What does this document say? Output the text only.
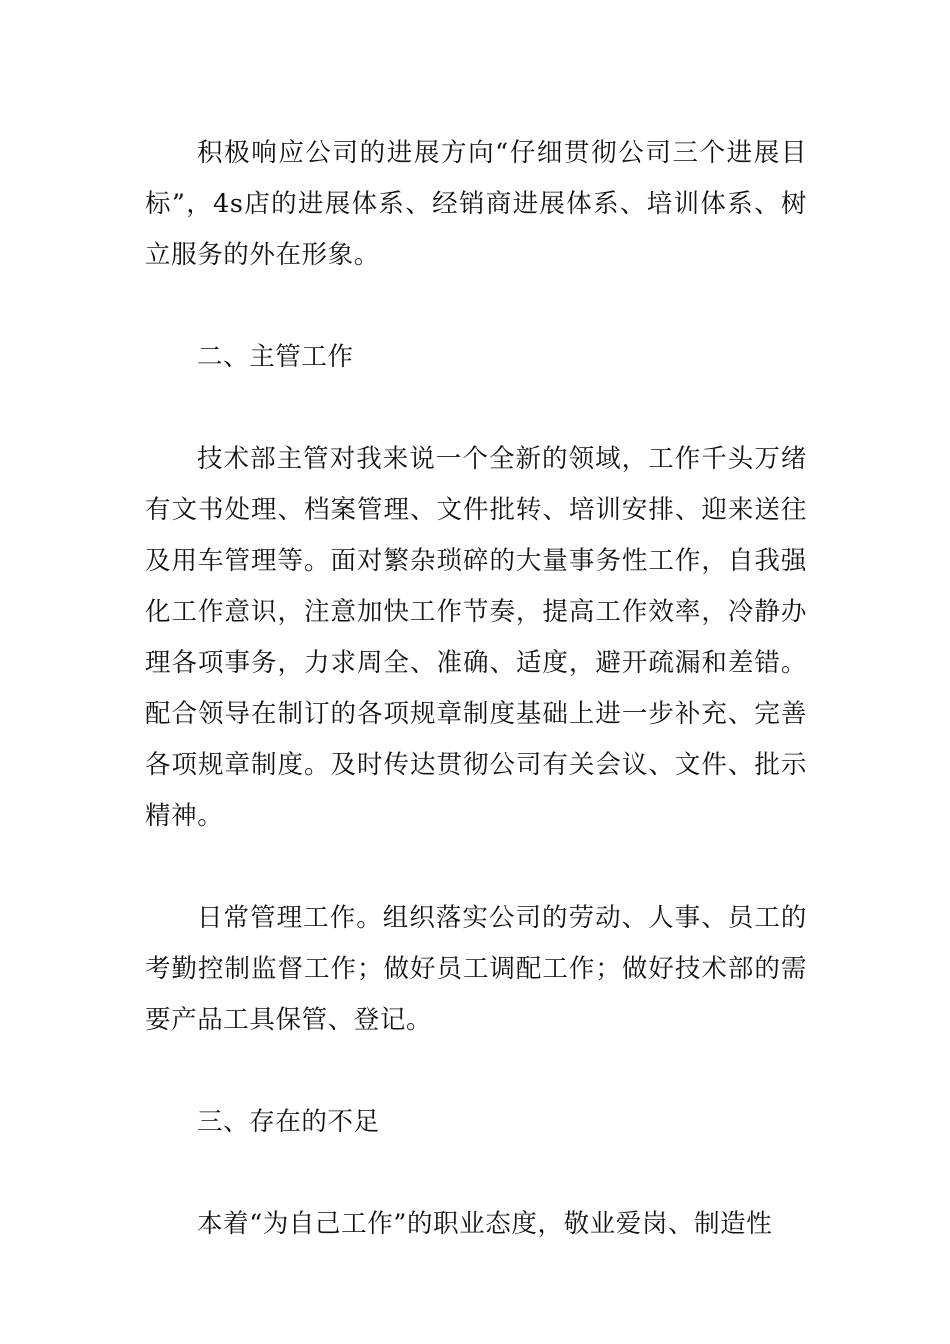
积极响应公司的进展方向“仔细贯彻公司三个进展目标”，4s店的进展体系、经销商进展体系、培训体系、树立服务的外在形象。

二、主管工作

技术部主管对我来说一个全新的领域，工作千头万绪有文书处理、档案管理、文件批转、培训安排、迎来送往及用车管理等。面对繁杂琐碎的大量事务性工作，自我强化工作意识，注意加快工作节奏，提高工作效率，冷静办理各项事务，力求周全、准确、适度，避开疏漏和差错。配合领导在制订的各项规章制度基础上进一步补充、完善各项规章制度。及时传达贯彻公司有关会议、文件、批示精神。

日常管理工作。组织落实公司的劳动、人事、员工的考勤控制监督工作；做好员工调配工作；做好技术部的需要产品工具保管、登记。

三、存在的不足

本着“为自己工作”的职业态度，敬业爱岗、制造性
